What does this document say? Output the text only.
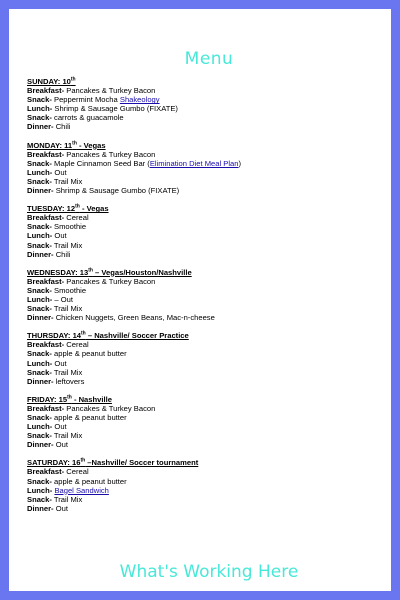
Menu
SUNDAY: 10th
Breakfast- Pancakes & Turkey Bacon
Snack- Peppermint Mocha Shakeology
Lunch- Shrimp & Sausage Gumbo (FIXATE)
Snack- carrots & guacamole
Dinner- Chili
MONDAY: 11th - Vegas
Breakfast- Pancakes & Turkey Bacon
Snack- Maple Cinnamon Seed Bar (Elimination Diet Meal Plan)
Lunch- Out
Snack- Trail Mix
Dinner- Shrimp & Sausage Gumbo (FIXATE)
TUESDAY: 12th - Vegas
Breakfast- Cereal
Snack- Smoothie
Lunch- Out
Snack- Trail Mix
Dinner- Chili
WEDNESDAY: 13th – Vegas/Houston/Nashville
Breakfast- Pancakes & Turkey Bacon
Snack- Smoothie
Lunch- – Out
Snack- Trail Mix
Dinner- Chicken Nuggets, Green Beans, Mac-n-cheese
THURSDAY: 14th – Nashville/ Soccer Practice
Breakfast- Cereal
Snack- apple & peanut butter
Lunch- Out
Snack- Trail Mix
Dinner- leftovers
FRIDAY: 15th - Nashville
Breakfast- Pancakes & Turkey Bacon
Snack- apple & peanut butter
Lunch- Out
Snack- Trail Mix
Dinner- Out
SATURDAY: 16th –Nashville/ Soccer tournament
Breakfast- Cereal
Snack- apple & peanut butter
Lunch- Bagel Sandwich
Snack- Trail Mix
Dinner- Out
What's Working Here
